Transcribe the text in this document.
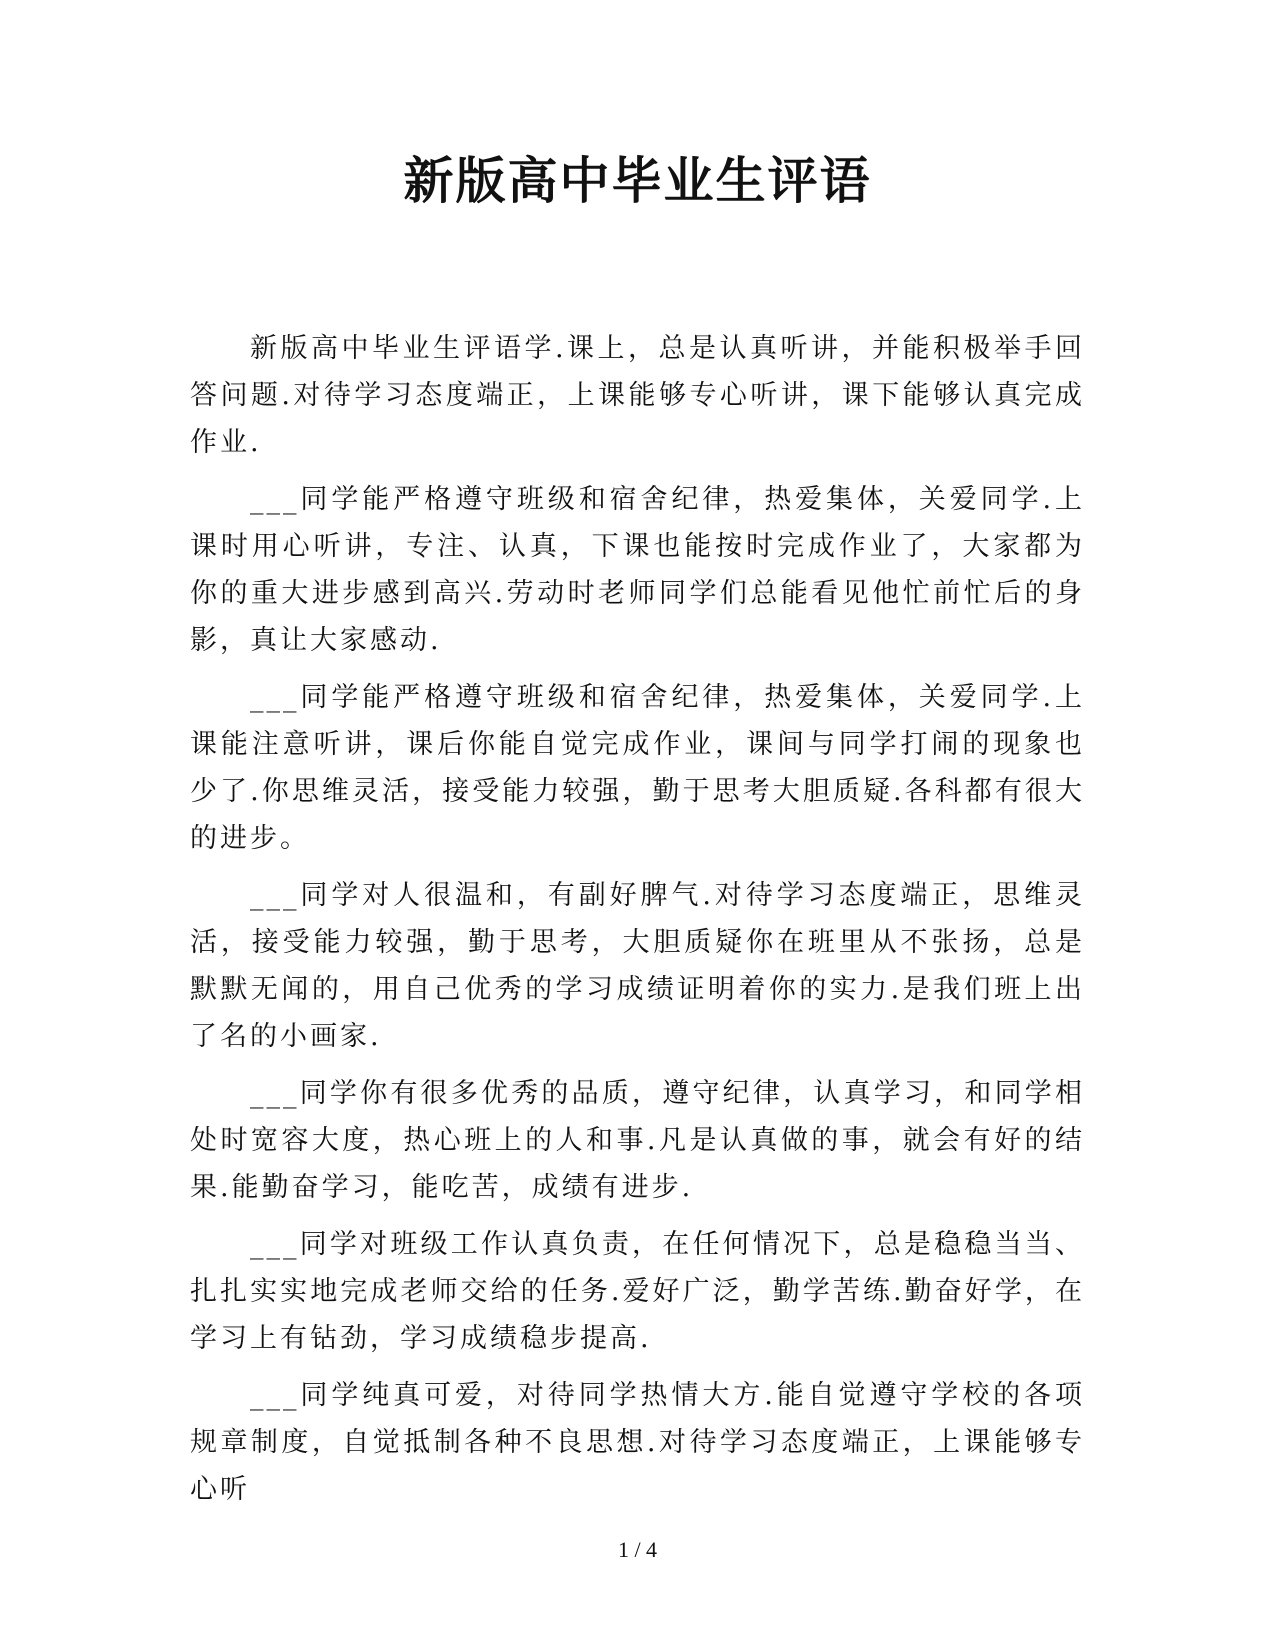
新版高中毕业生评语

新版高中毕业生评语学.课上，总是认真听讲，并能积极举手回答问题.对待学习态度端正，上课能够专心听讲，课下能够认真完成作业.

___同学能严格遵守班级和宿舍纪律，热爱集体，关爱同学.上课时用心听讲，专注、认真，下课也能按时完成作业了，大家都为你的重大进步感到高兴.劳动时老师同学们总能看见他忙前忙后的身影，真让大家感动.

___同学能严格遵守班级和宿舍纪律，热爱集体，关爱同学.上课能注意听讲，课后你能自觉完成作业，课间与同学打闹的现象也少了.你思维灵活，接受能力较强，勤于思考大胆质疑.各科都有很大的进步。

___同学对人很温和，有副好脾气.对待学习态度端正，思维灵活，接受能力较强，勤于思考，大胆质疑你在班里从不张扬，总是默默无闻的，用自己优秀的学习成绩证明着你的实力.是我们班上出了名的小画家.

___同学你有很多优秀的品质，遵守纪律，认真学习，和同学相处时宽容大度，热心班上的人和事.凡是认真做的事，就会有好的结果.能勤奋学习，能吃苦，成绩有进步.

___同学对班级工作认真负责，在任何情况下，总是稳稳当当、扎扎实实地完成老师交给的任务.爱好广泛，勤学苦练.勤奋好学，在学习上有钻劲，学习成绩稳步提高.

___同学纯真可爱，对待同学热情大方.能自觉遵守学校的各项规章制度，自觉抵制各种不良思想.对待学习态度端正，上课能够专心听

1 / 4
